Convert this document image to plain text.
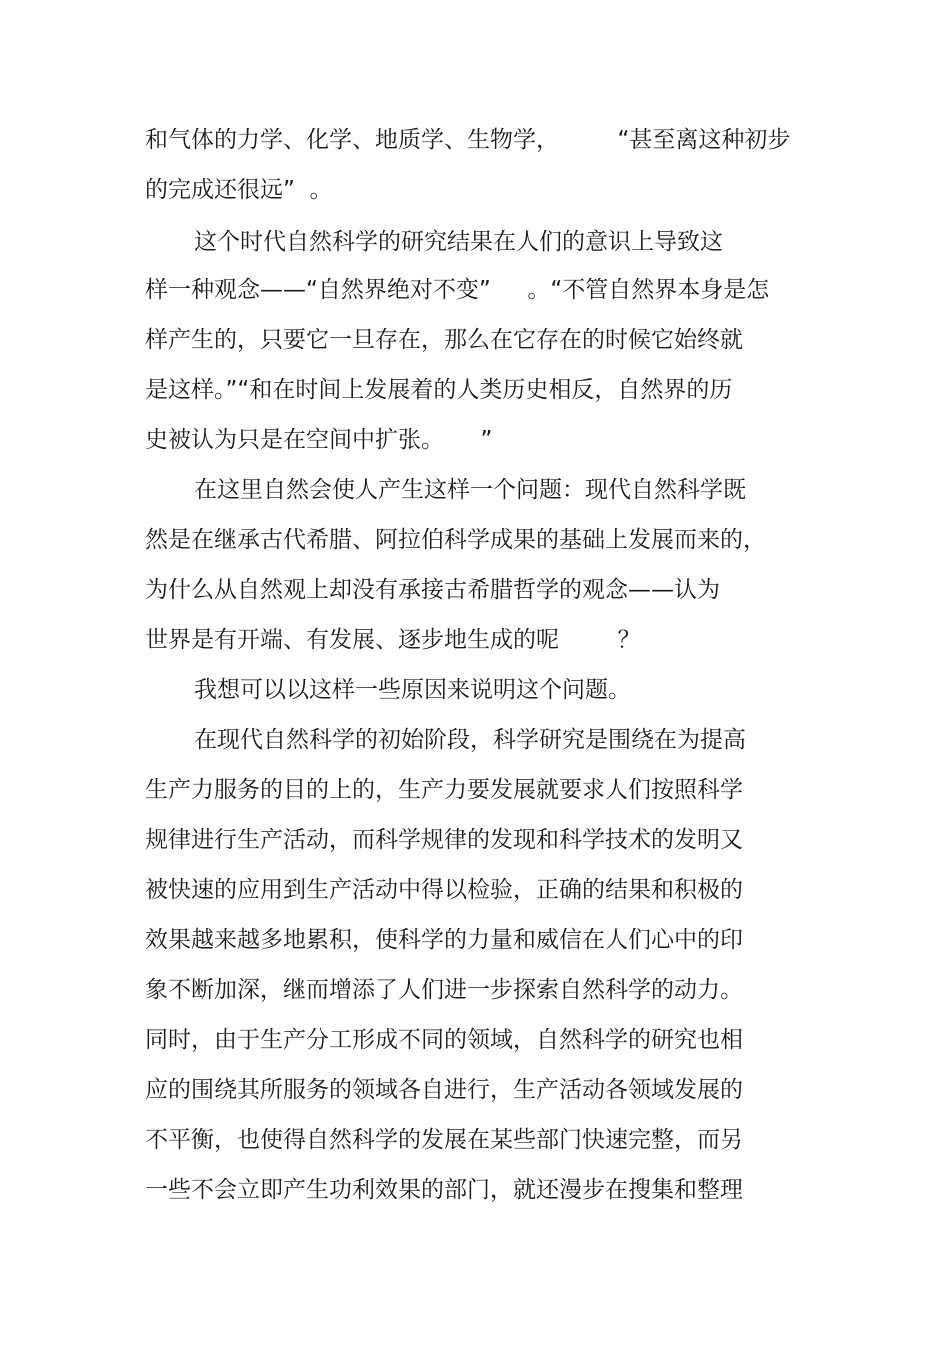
和气体的力学、化学、地质学、生物学，        “甚至离这种初步
的完成还很远”  。
这个时代自然科学的研究结果在人们的意识上导致这
样一种观念——“自然界绝对不变”     。“不管自然界本身是怎
样产生的，只要它一旦存在，那么在它存在的时候它始终就
是这样。”“和在时间上发展着的人类历史相反，自然界的历
史被认为只是在空间中扩张。     ”
在这里自然会使人产生这样一个问题：现代自然科学既
然是在继承古代希腊、阿拉伯科学成果的基础上发展而来的，
为什么从自然观上却没有承接古希腊哲学的观念——认为
世界是有开端、有发展、逐步地生成的呢        ？
我想可以以这样一些原因来说明这个问题。
在现代自然科学的初始阶段，科学研究是围绕在为提高
生产力服务的目的上的，生产力要发展就要求人们按照科学
规律进行生产活动，而科学规律的发现和科学技术的发明又
被快速的应用到生产活动中得以检验，正确的结果和积极的
效果越来越多地累积，使科学的力量和威信在人们心中的印
象不断加深，继而增添了人们进一步探索自然科学的动力。
同时，由于生产分工形成不同的领域，自然科学的研究也相
应的围绕其所服务的领域各自进行，生产活动各领域发展的
不平衡，也使得自然科学的发展在某些部门快速完整，而另
一些不会立即产生功利效果的部门，就还漫步在搜集和整理
